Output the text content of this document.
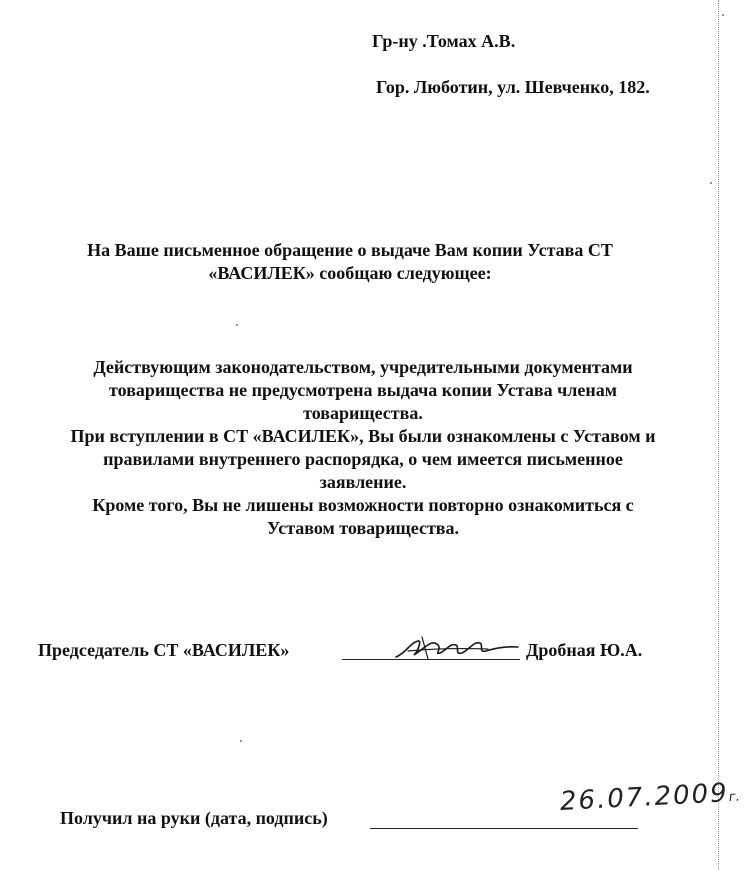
Гр-ну .Томах А.В.
Гор. Люботин, ул. Шевченко, 182.
На Ваше письменное обращение о выдаче Вам копии Устава СТ
«ВАСИЛЕК» сообщаю следующее:
Действующим законодательством, учредительными документами
товарищества не предусмотрена выдача копии Устава членам
товарищества.
При вступлении в СТ «ВАСИЛЕК», Вы были ознакомлены с Уставом и
правилами внутреннего распорядка, о чем имеется письменное
заявление.
Кроме того, Вы не лишены возможности повторно ознакомиться с
Уставом товарищества.
Председатель СТ «ВАСИЛЕК»	Дробная Ю.А.
Получил на руки (дата, подпись)
26.07.2009г.
